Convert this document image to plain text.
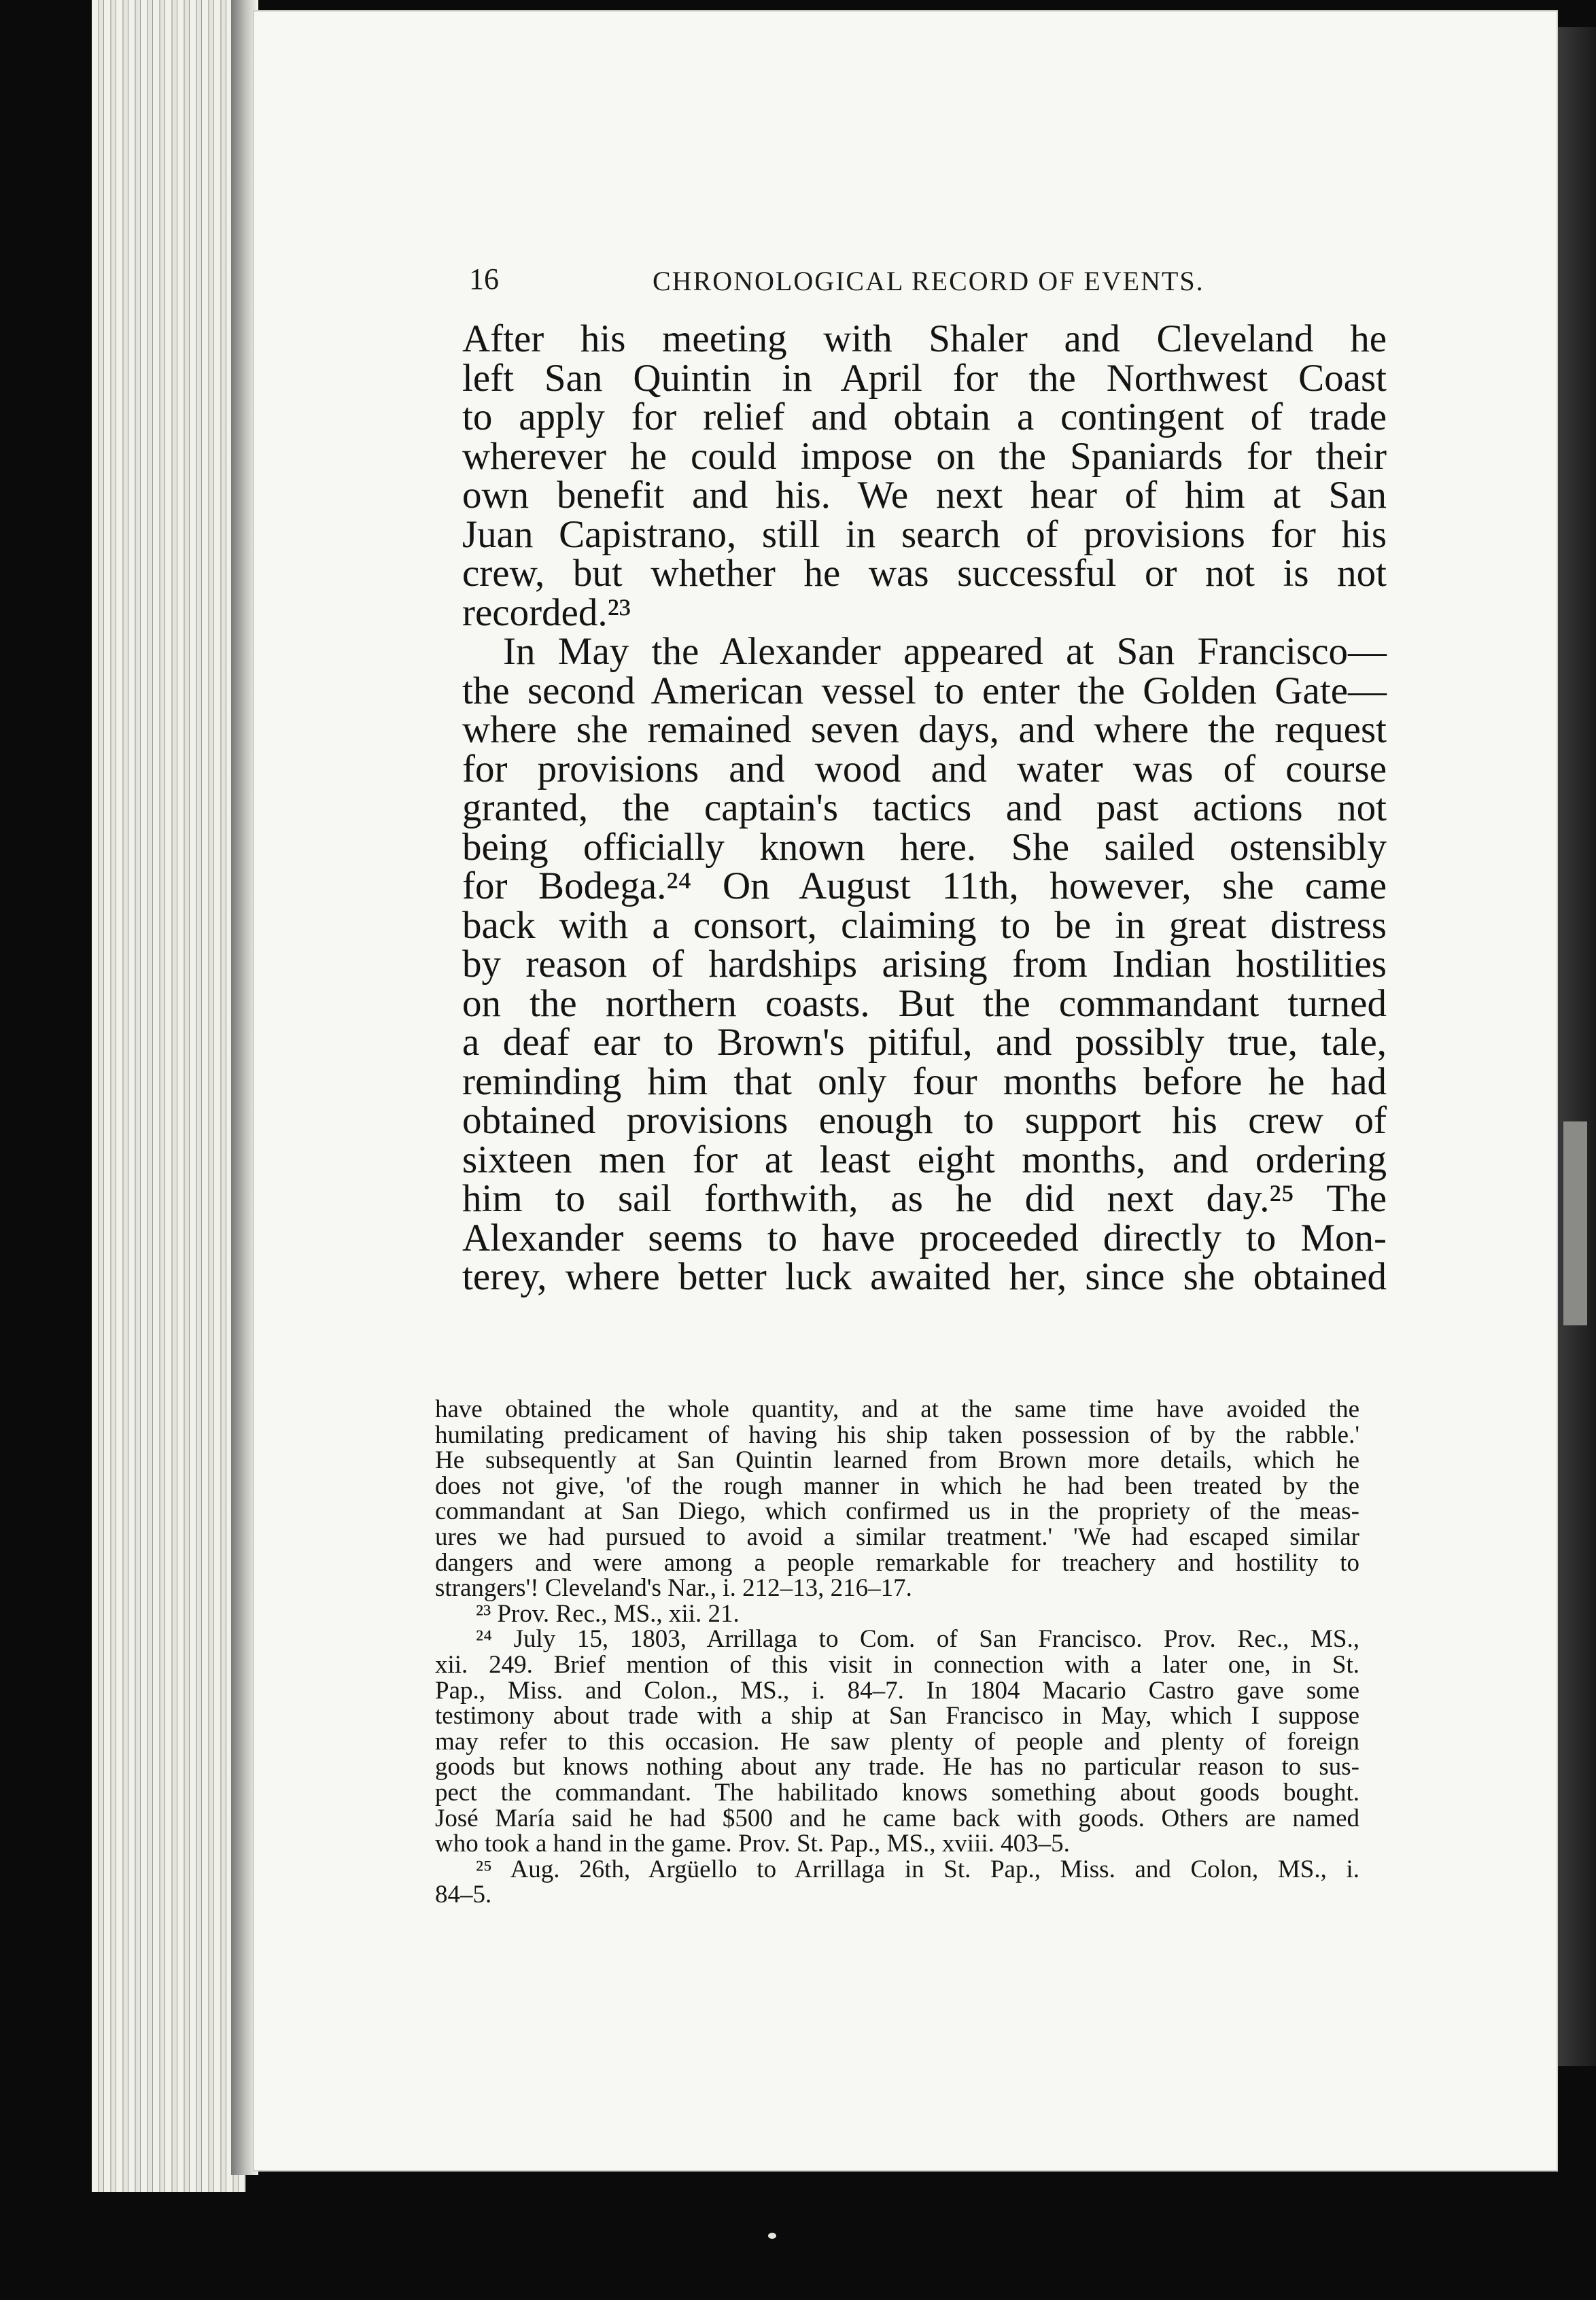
16	CHRONOLOGICAL RECORD OF EVENTS.
After his meeting with Shaler and Cleveland he
left San Quintin in April for the Northwest Coast
to apply for relief and obtain a contingent of trade
wherever he could impose on the Spaniards for their
own benefit and his. We next hear of him at San
Juan Capistrano, still in search of provisions for his
crew, but whether he was successful or not is not
recorded.²³
In May the Alexander appeared at San Francisco—
the second American vessel to enter the Golden Gate—
where she remained seven days, and where the request
for provisions and wood and water was of course
granted, the captain's tactics and past actions not
being officially known here. She sailed ostensibly
for Bodega.²⁴ On August 11th, however, she came
back with a consort, claiming to be in great distress
by reason of hardships arising from Indian hostilities
on the northern coasts. But the commandant turned
a deaf ear to Brown's pitiful, and possibly true, tale,
reminding him that only four months before he had
obtained provisions enough to support his crew of
sixteen men for at least eight months, and ordering
him to sail forthwith, as he did next day.²⁵ The
Alexander seems to have proceeded directly to Mon-
terey, where better luck awaited her, since she obtained
have obtained the whole quantity, and at the same time have avoided the
humilating predicament of having his ship taken possession of by the rabble.'
He subsequently at San Quintin learned from Brown more details, which he
does not give, 'of the rough manner in which he had been treated by the
commandant at San Diego, which confirmed us in the propriety of the meas-
ures we had pursued to avoid a similar treatment.' 'We had escaped similar
dangers and were among a people remarkable for treachery and hostility to
strangers'! Cleveland's Nar., i. 212–13, 216–17.
²³ Prov. Rec., MS., xii. 21.
²⁴ July 15, 1803, Arrillaga to Com. of San Francisco. Prov. Rec., MS.,
xii. 249. Brief mention of this visit in connection with a later one, in St.
Pap., Miss. and Colon., MS., i. 84–7. In 1804 Macario Castro gave some
testimony about trade with a ship at San Francisco in May, which I suppose
may refer to this occasion. He saw plenty of people and plenty of foreign
goods but knows nothing about any trade. He has no particular reason to sus-
pect the commandant. The habilitado knows something about goods bought.
José María said he had $500 and he came back with goods. Others are named
who took a hand in the game. Prov. St. Pap., MS., xviii. 403–5.
²⁵ Aug. 26th, Argüello to Arrillaga in St. Pap., Miss. and Colon, MS., i.
84–5.
